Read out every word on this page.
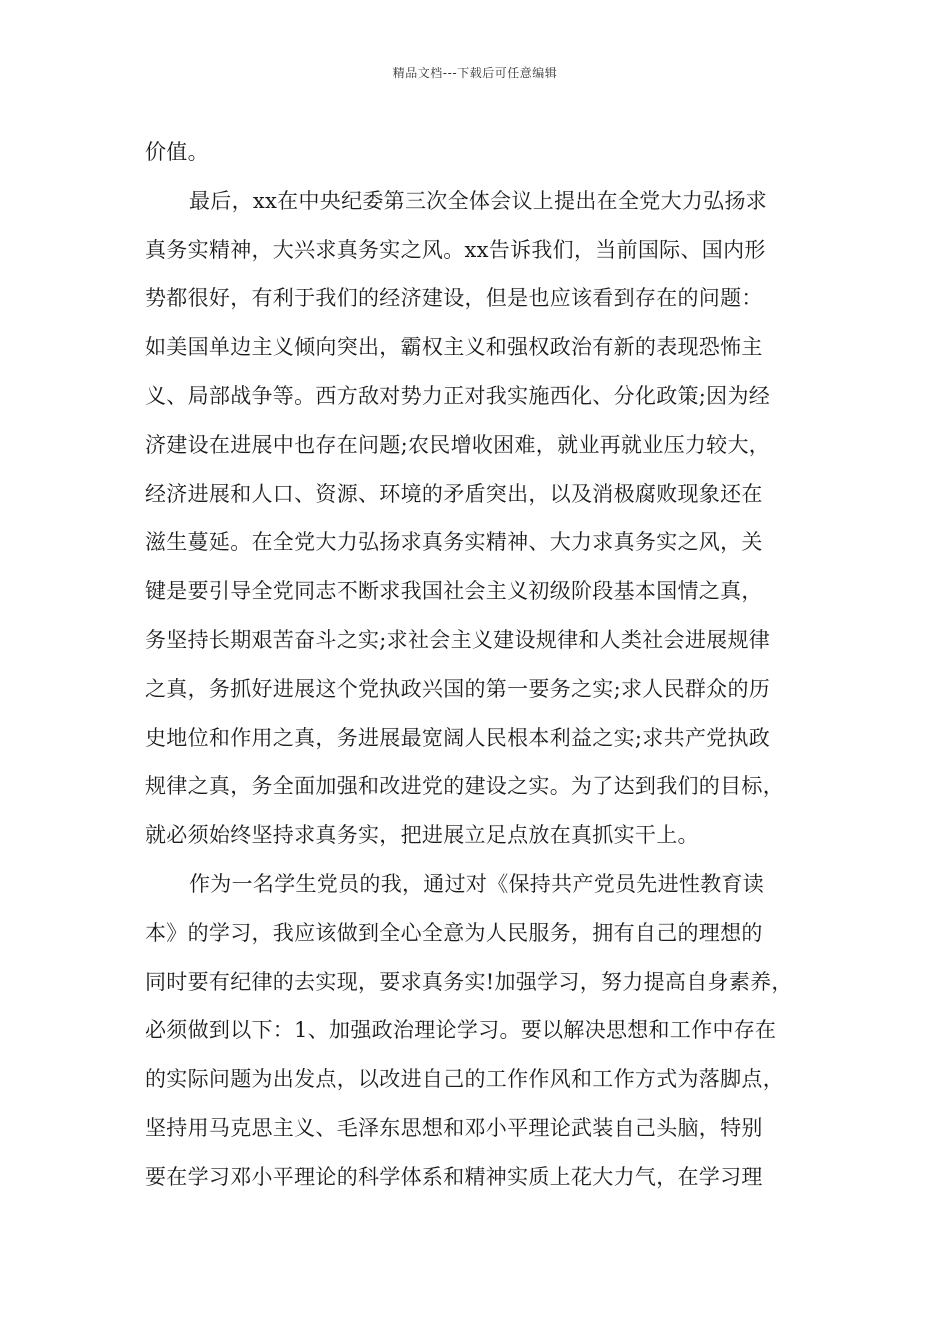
精品文档---下载后可任意编辑
价值。
最后，xx在中央纪委第三次全体会议上提出在全党大力弘扬求
真务实精神，大兴求真务实之风。xx告诉我们，当前国际、国内形
势都很好，有利于我们的经济建设，但是也应该看到存在的问题：
如美国单边主义倾向突出，霸权主义和强权政治有新的表现恐怖主
义、局部战争等。西方敌对势力正对我实施西化、分化政策;因为经
济建设在进展中也存在问题;农民增收困难，就业再就业压力较大，
经济进展和人口、资源、环境的矛盾突出，以及消极腐败现象还在
滋生蔓延。在全党大力弘扬求真务实精神、大力求真务实之风，关
键是要引导全党同志不断求我国社会主义初级阶段基本国情之真，
务坚持长期艰苦奋斗之实;求社会主义建设规律和人类社会进展规律
之真，务抓好进展这个党执政兴国的第一要务之实;求人民群众的历
史地位和作用之真，务进展最宽阔人民根本利益之实;求共产党执政
规律之真，务全面加强和改进党的建设之实。为了达到我们的目标，
就必须始终坚持求真务实，把进展立足点放在真抓实干上。
作为一名学生党员的我，通过对《保持共产党员先进性教育读
本》的学习，我应该做到全心全意为人民服务，拥有自己的理想的
同时要有纪律的去实现，要求真务实!加强学习，努力提高自身素养，
必须做到以下：1、加强政治理论学习。要以解决思想和工作中存在
的实际问题为出发点，以改进自己的工作作风和工作方式为落脚点，
坚持用马克思主义、毛泽东思想和邓小平理论武装自己头脑，特别
要在学习邓小平理论的科学体系和精神实质上花大力气，在学习理
